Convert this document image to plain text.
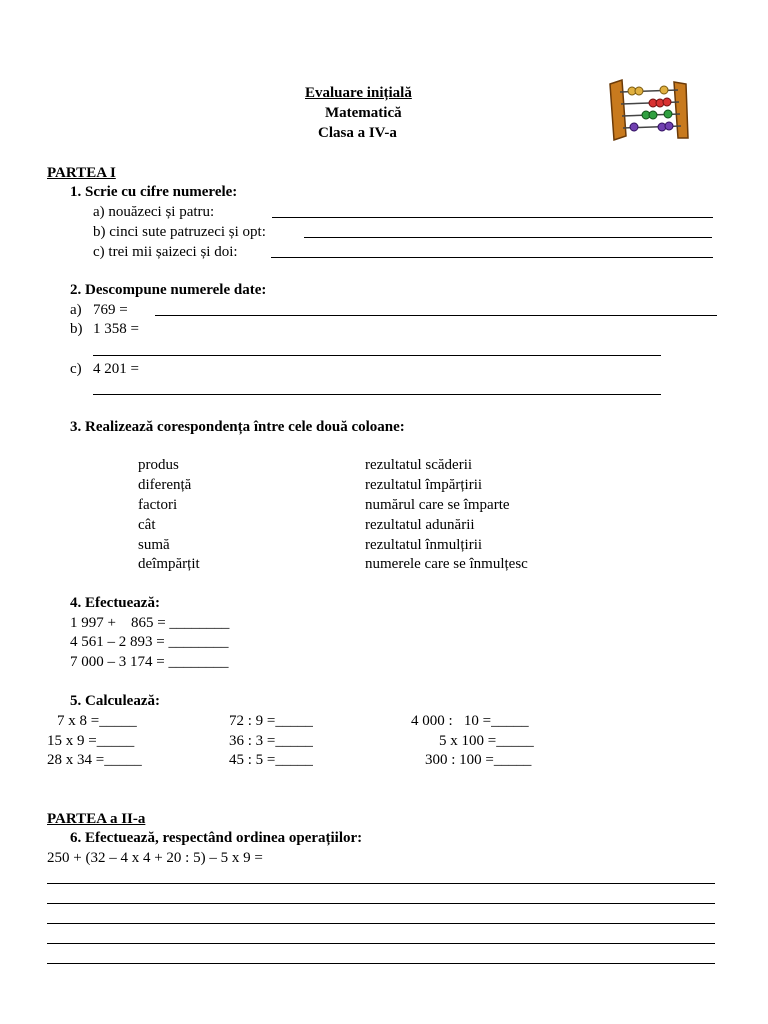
Evaluare inițială
Matematică
Clasa a IV-a
PARTEA I
1. Scrie cu cifre numerele:
a) nouăzeci și patru:
b) cinci sute patruzeci și opt:
c) trei mii șaizeci și doi:
2. Descompune numerele date:
a) 769 =
b) 1 358 =
c) 4 201 =
3. Realizează corespondența între cele două coloane:
produs
diferență
factori
cât
sumă
deîmpărțit
rezultatul scăderii
rezultatul împărțirii
numărul care se împarte
rezultatul adunării
rezultatul înmulțirii
numerele care se înmulțesc
4. Efectuează:
1 997 +    865 = ________
4 561 – 2 893 = ________
7 000 – 3 174 = ________
5. Calculează:
7 x 8 =_____
15 x 9 =_____
28 x 34 =_____
72 : 9 =_____
36 : 3 =_____
45 : 5 =_____
4 000 :   10 =_____
5 x 100 =_____
300 : 100 =_____
PARTEA a II-a
6. Efectuează, respectând ordinea operațiilor:
250 + (32 – 4 x 4 + 20 : 5) – 5 x 9 =
